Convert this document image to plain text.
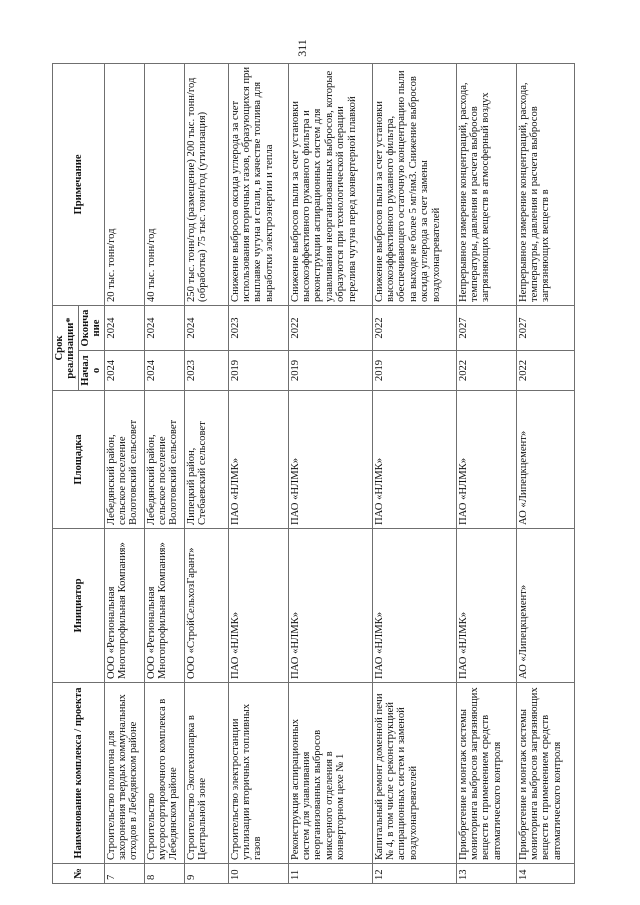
311
№	Наименование комплекса / проекта	Инициатор	Площадка	Срок реализации*		Примечание
				Начало	Окончание	
7	Строительство полигона для захоронения твердых коммунальных отходов в Лебедянском районе	ООО «Региональная Многопрофильная Компания»	Лебедянский район, сельское поселение Волотовский сельсовет	2024	2024	20 тыс. тонн/год
8	Строительство мусоросортировочного комплекса в Лебедянском районе	ООО «Региональная Многопрофильная Компания»	Лебедянский район, сельское поселение Волотовский сельсовет	2024	2024	40 тыс. тонн/год
9	Строительство Экотехнопарка в Центральной зоне	ООО «СтройСельхозГарант»	Липецкий район, Стебаевский сельсовет	2023	2024	250 тыс. тонн/год (размещение) 200 тыс. тонн/год (обработка) 75 тыс. тонн/год (утилизация)
10	Строительство электростанции утилизации вторичных топливных газов	ПАО «НЛМК»	ПАО «НЛМК»	2019	2023	Снижение выбросов оксида углерода за счет использования вторичных газов, образующихся при выплавке чугуна и стали, в качестве топлива для выработки электроэнергии и тепла
11	Реконструкция аспирационных систем для улавливания неорганизованных выбросов миксерного отделения в конверторном цехе № 1	ПАО «НЛМК»	ПАО «НЛМК»	2019	2022	Снижение выбросов пыли за счет установки высокоэффективного рукавного фильтра и реконструкции аспирационных систем для улавливания неорганизованных выбросов, которые образуются при технологической операции перелива чугуна перед конвертерной плавкой
12	Капитальный ремонт доменной печи № 4, в том числе с реконструкцией аспирационных систем и заменой воздухонагревателей	ПАО «НЛМК»	ПАО «НЛМК»	2019	2022	Снижение выбросов пыли за счет установки высокоэффективного рукавного фильтра, обеспечивающего остаточную концентрацию пыли на выходе не более 5 мг/нм3. Снижение выбросов оксида углерода за счет замены воздухонагревателей
13	Приобретение и монтаж системы мониторинга выбросов загрязняющих веществ с применением средств автоматического контроля	ПАО «НЛМК»	ПАО «НЛМК»	2022	2027	Непрерывное измерение концентраций, расхода, температуры, давления и расчета выбросов загрязняющих веществ в атмосферный воздух
14	Приобретение и монтаж системы мониторинга выбросов загрязняющих веществ с применением средств автоматического контроля	АО «Липецкцемент»	АО «Липецкцемент»	2022	2027	Непрерывное измерение концентраций, расхода, температуры, давления и расчета выбросов загрязняющих веществ в
